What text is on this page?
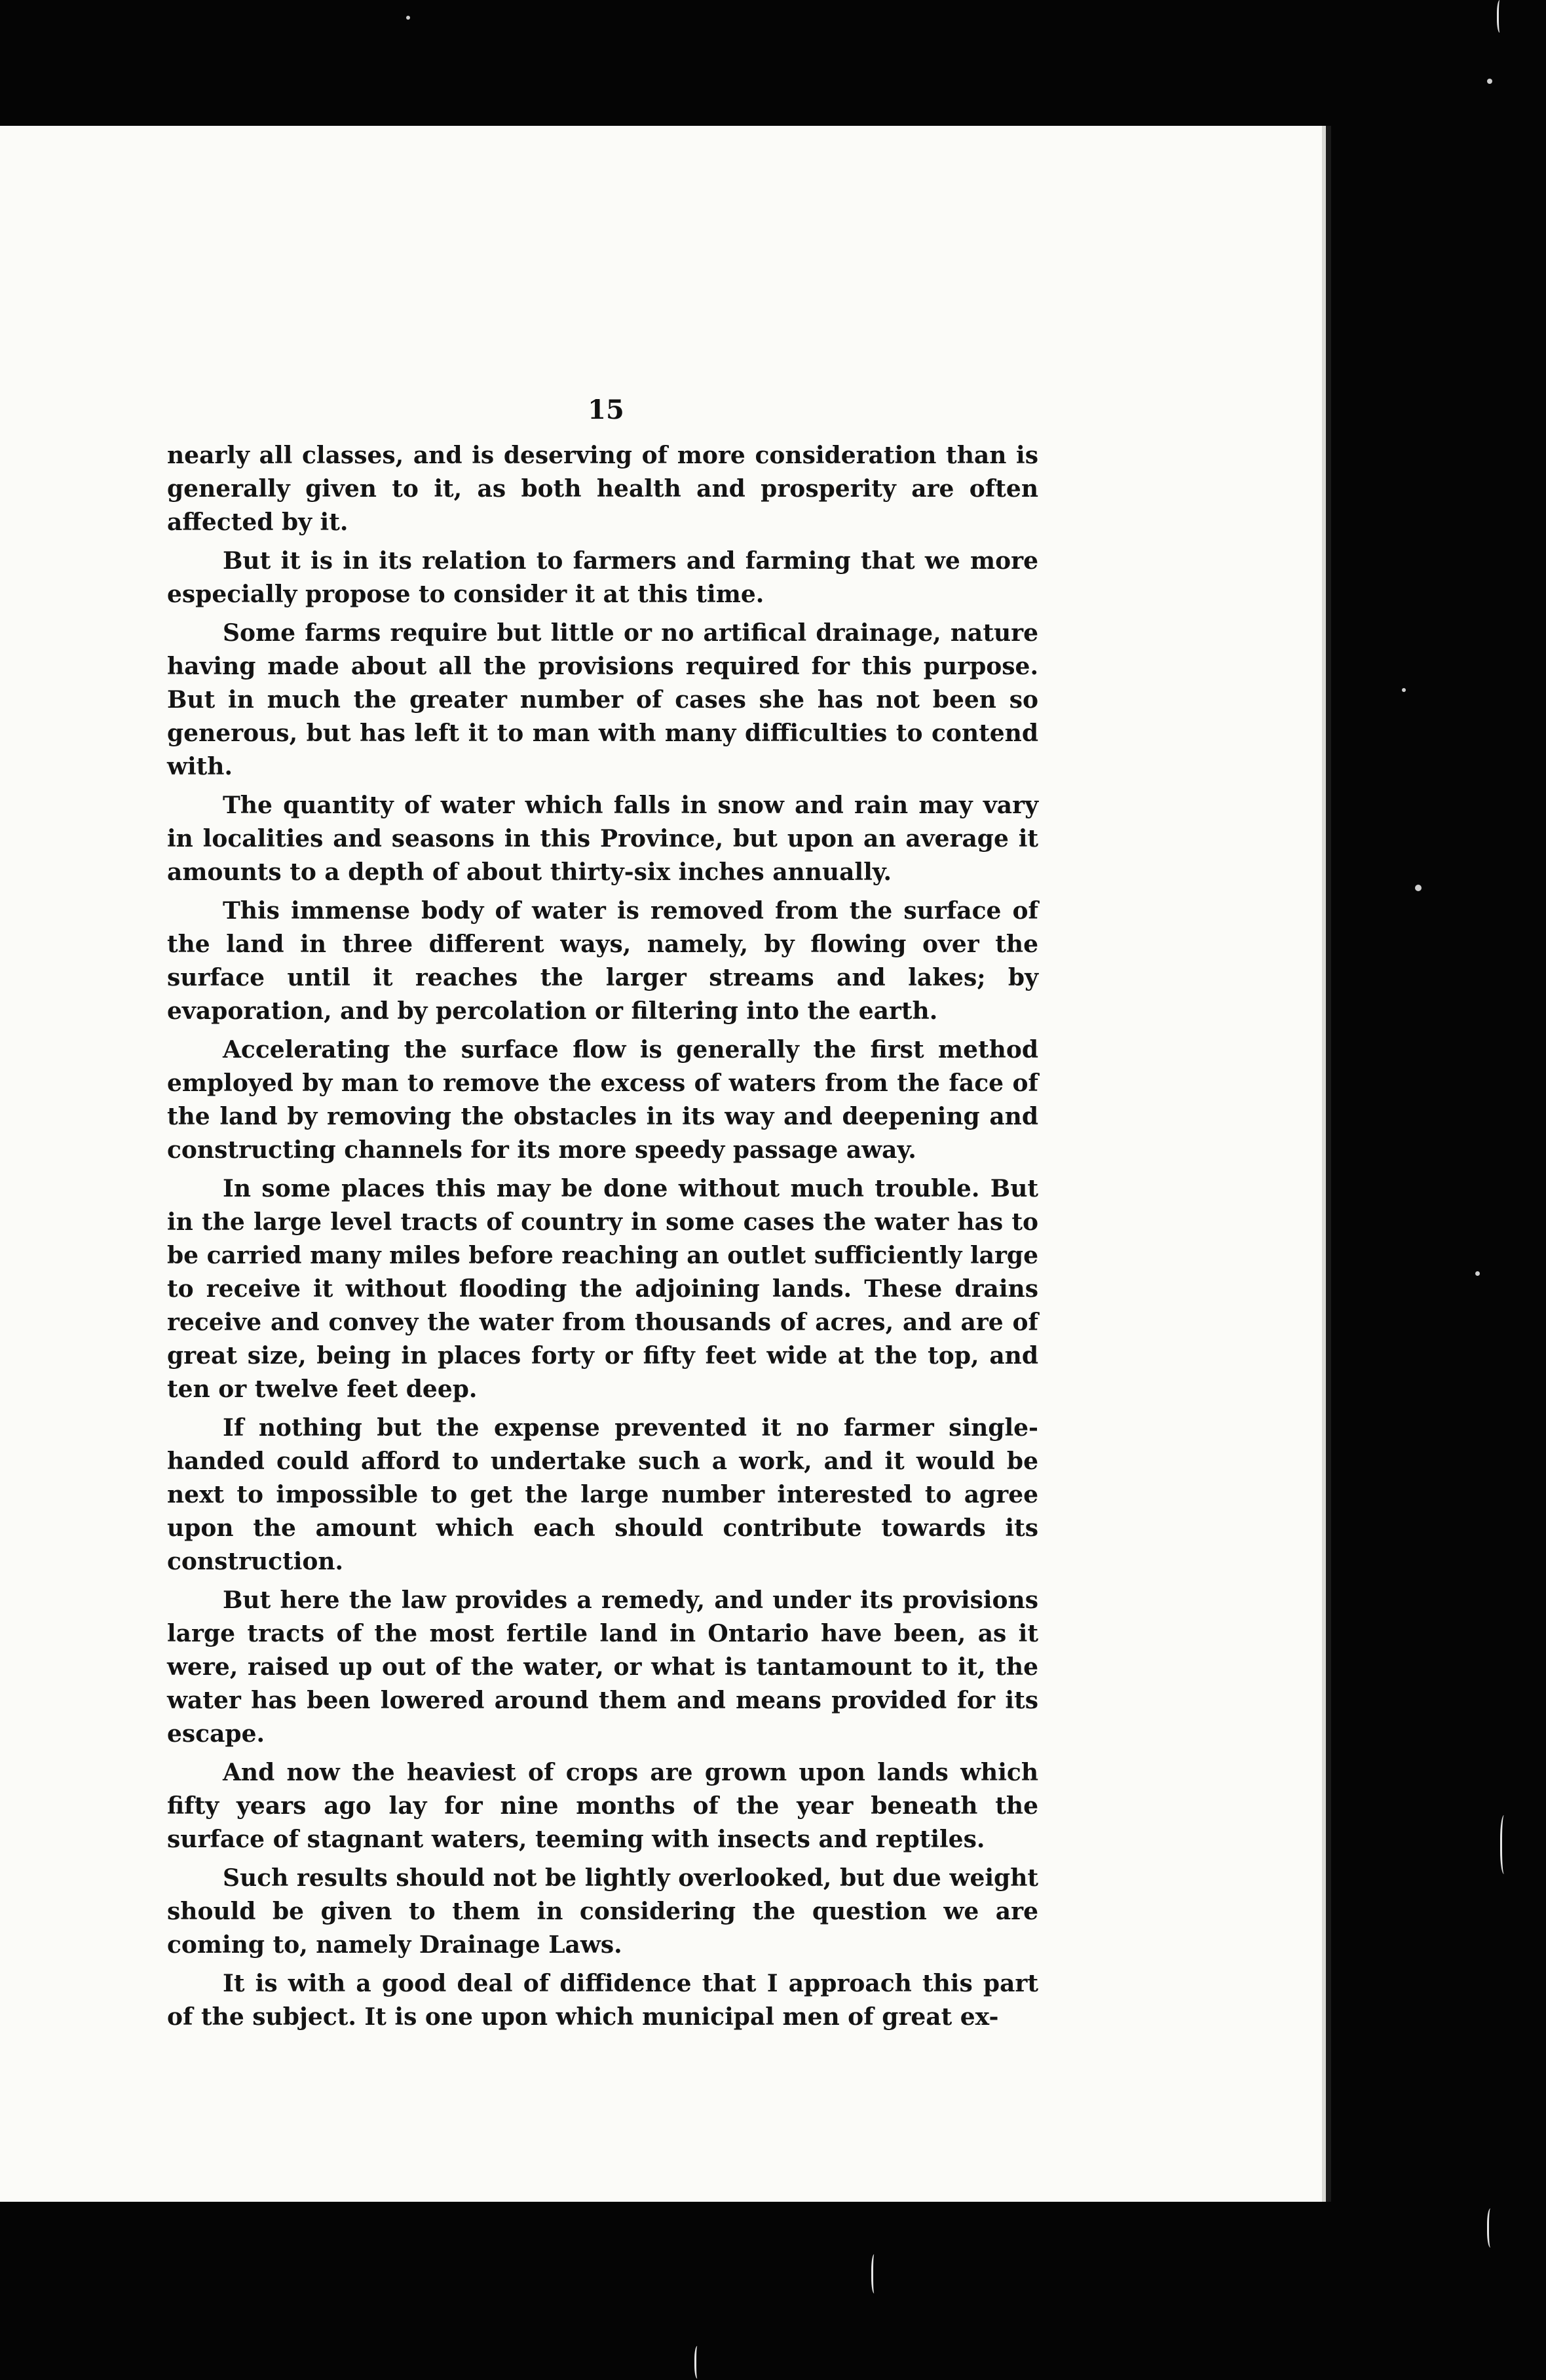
15

nearly all classes, and is deserving of more consideration than is generally given to it, as both health and prosperity are often affected by it.

But it is in its relation to farmers and farming that we more especially propose to consider it at this time.

Some farms require but little or no artifical drainage, nature having made about all the provisions required for this purpose. But in much the greater number of cases she has not been so generous, but has left it to man with many difficulties to contend with.

The quantity of water which falls in snow and rain may vary in localities and seasons in this Province, but upon an average it amounts to a depth of about thirty-six inches annually.

This immense body of water is removed from the surface of the land in three different ways, namely, by flowing over the surface until it reaches the larger streams and lakes; by evaporation, and by percolation or filtering into the earth.

Accelerating the surface flow is generally the first method employed by man to remove the excess of waters from the face of the land by removing the obstacles in its way and deepening and constructing channels for its more speedy passage away.

In some places this may be done without much trouble. But in the large level tracts of country in some cases the water has to be carried many miles before reaching an outlet sufficiently large to receive it without flooding the adjoining lands. These drains receive and convey the water from thousands of acres, and are of great size, being in places forty or fifty feet wide at the top, and ten or twelve feet deep.

If nothing but the expense prevented it no farmer single-handed could afford to undertake such a work, and it would be next to impossible to get the large number interested to agree upon the amount which each should contribute towards its construction.

But here the law provides a remedy, and under its provisions large tracts of the most fertile land in Ontario have been, as it were, raised up out of the water, or what is tantamount to it, the water has been lowered around them and means provided for its escape.

And now the heaviest of crops are grown upon lands which fifty years ago lay for nine months of the year beneath the surface of stagnant waters, teeming with insects and reptiles.

Such results should not be lightly overlooked, but due weight should be given to them in considering the question we are coming to, namely Drainage Laws.

It is with a good deal of diffidence that I approach this part of the subject. It is one upon which municipal men of great ex-
